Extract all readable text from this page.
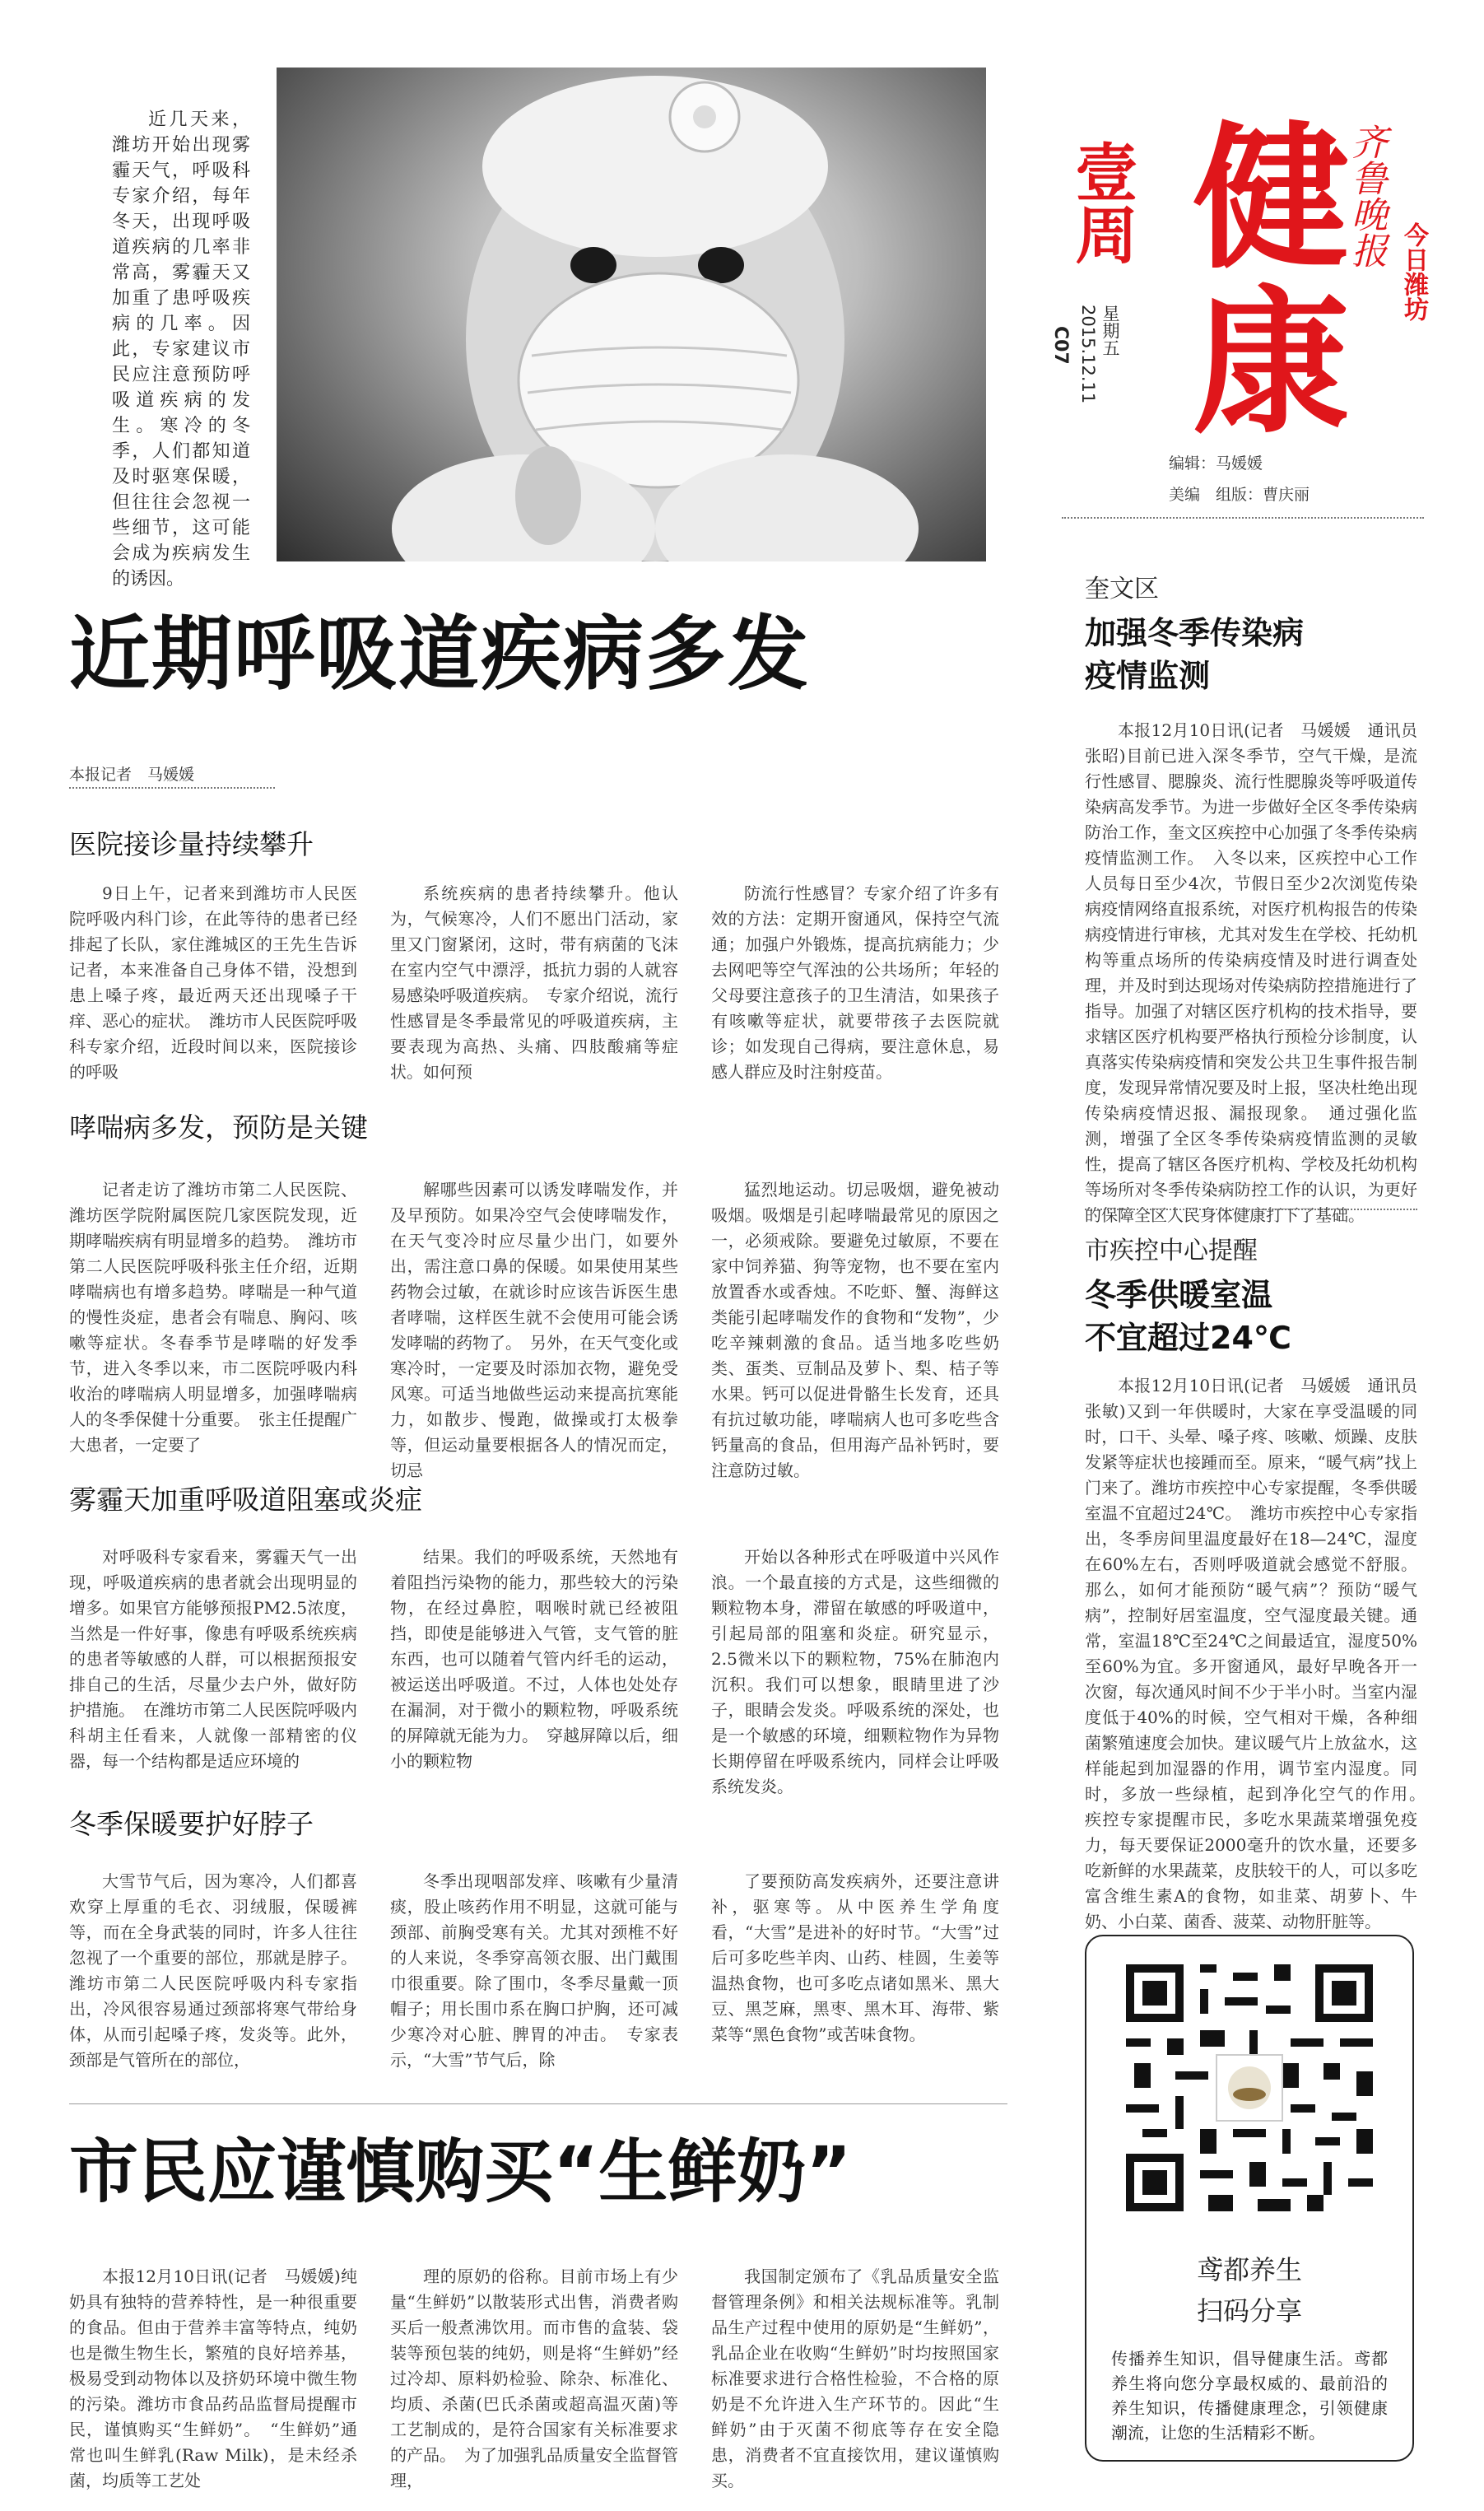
近几天来，潍坊开始出现雾霾天气，呼吸科专家介绍，每年冬天，出现呼吸道疾病的几率非常高，雾霾天又加重了患呼吸疾病的几率。因此，专家建议市民应注意预防呼吸道疾病的发生。寒冷的冬季，人们都知道及时驱寒保暖，但往往会忽视一些细节，这可能会成为疾病发生的诱因。
壹周 健康
齐鲁晚报
今日潍坊
星期五
2015.12.11
C07
编辑：马媛媛
美编　组版：曹庆丽
近期呼吸道疾病多发
本报记者　马媛媛
医院接诊量持续攀升

9日上午，记者来到潍坊市人民医院呼吸内科门诊，在此等待的患者已经排起了长队，家住潍城区的王先生告诉记者，本来准备自己身体不错，没想到患上嗓子疼，最近两天还出现嗓子干痒、恶心的症状。　潍坊市人民医院呼吸科专家介绍，近段时间以来，医院接诊的呼吸

系统疾病的患者持续攀升。他认为，气候寒冷，人们不愿出门活动，家里又门窗紧闭，这时，带有病菌的飞沫在室内空气中漂浮，抵抗力弱的人就容易感染呼吸道疾病。　专家介绍说，流行性感冒是冬季最常见的呼吸道疾病，主要表现为高热、头痛、四肢酸痛等症状。如何预

防流行性感冒？专家介绍了许多有效的方法：定期开窗通风，保持空气流通；加强户外锻炼，提高抗病能力；少去网吧等空气浑浊的公共场所；年轻的父母要注意孩子的卫生清洁，如果孩子有咳嗽等症状，就要带孩子去医院就诊；如发现自己得病，要注意休息，易感人群应及时注射疫苗。

哮喘病多发，预防是关键

记者走访了潍坊市第二人民医院、潍坊医学院附属医院几家医院发现，近期哮喘疾病有明显增多的趋势。　潍坊市第二人民医院呼吸科张主任介绍，近期哮喘病也有增多趋势。哮喘是一种气道的慢性炎症，患者会有喘息、胸闷、咳嗽等症状。冬春季节是哮喘的好发季节，进入冬季以来，市二医院呼吸内科收治的哮喘病人明显增多，加强哮喘病人的冬季保健十分重要。　张主任提醒广大患者，一定要了

解哪些因素可以诱发哮喘发作，并及早预防。如果冷空气会使哮喘发作，在天气变冷时应尽量少出门，如要外出，需注意口鼻的保暖。如果使用某些药物会过敏，在就诊时应该告诉医生患者哮喘，这样医生就不会使用可能会诱发哮喘的药物了。　另外，在天气变化或寒冷时，一定要及时添加衣物，避免受风寒。可适当地做些运动来提高抗寒能力，如散步、慢跑，做操或打太极拳等，但运动量要根据各人的情况而定，切忌

猛烈地运动。切忌吸烟，避免被动吸烟。吸烟是引起哮喘最常见的原因之一，必须戒除。要避免过敏原，不要在家中饲养猫、狗等宠物，也不要在室内放置香水或香烛。不吃虾、蟹、海鲜这类能引起哮喘发作的食物和“发物”，少吃辛辣刺激的食品。适当地多吃些奶类、蛋类、豆制品及萝卜、梨、桔子等水果。钙可以促进骨骼生长发育，还具有抗过敏功能，哮喘病人也可多吃些含钙量高的食品，但用海产品补钙时，要注意防过敏。

雾霾天加重呼吸道阻塞或炎症

对呼吸科专家看来，雾霾天气一出现，呼吸道疾病的患者就会出现明显的增多。如果官方能够预报PM2.5浓度，当然是一件好事，像患有呼吸系统疾病的患者等敏感的人群，可以根据预报安排自己的生活，尽量少去户外，做好防护措施。　在潍坊市第二人民医院呼吸内科胡主任看来，人就像一部精密的仪器，每一个结构都是适应环境的

结果。我们的呼吸系统，天然地有着阻挡污染物的能力，那些较大的污染物，在经过鼻腔，咽喉时就已经被阻挡，即使是能够进入气管，支气管的脏东西，也可以随着气管内纤毛的运动，被运送出呼吸道。不过，人体也处处存在漏洞，对于微小的颗粒物，呼吸系统的屏障就无能为力。　穿越屏障以后，细小的颗粒物

开始以各种形式在呼吸道中兴风作浪。一个最直接的方式是，这些细微的颗粒物本身，滞留在敏感的呼吸道中，引起局部的阻塞和炎症。研究显示，2.5微米以下的颗粒物，75%在肺泡内沉积。我们可以想象，眼睛里进了沙子，眼睛会发炎。呼吸系统的深处，也是一个敏感的环境，细颗粒物作为异物长期停留在呼吸系统内，同样会让呼吸系统发炎。

冬季保暖要护好脖子

大雪节气后，因为寒冷，人们都喜欢穿上厚重的毛衣、羽绒服，保暖裤等，而在全身武装的同时，许多人往往忽视了一个重要的部位，那就是脖子。潍坊市第二人民医院呼吸内科专家指出，冷风很容易通过颈部将寒气带给身体，从而引起嗓子疼，发炎等。此外，颈部是气管所在的部位，

冬季出现咽部发痒、咳嗽有少量清痰，股止咳药作用不明显，这就可能与颈部、前胸受寒有关。尤其对颈椎不好的人来说，冬季穿高领衣服、出门戴围巾很重要。除了围巾，冬季尽量戴一顶帽子；用长围巾系在胸口护胸，还可减少寒冷对心脏、脾胃的冲击。　专家表示，“大雪”节气后，除

了要预防高发疾病外，还要注意讲补，驱寒等。从中医养生学角度看，“大雪”是进补的好时节。“大雪”过后可多吃些羊肉、山药、桂圆，生姜等温热食物，也可多吃点诸如黑米、黑大豆、黑芝麻，黑枣、黑木耳、海带、紫菜等“黑色食物”或苦味食物。

市民应谨慎购买“生鲜奶”

本报12月10日讯(记者　马媛媛)纯奶具有独特的营养特性，是一种很重要的食品。但由于营养丰富等特点，纯奶也是微生物生长，繁殖的良好培养基，极易受到动物体以及挤奶环境中微生物的污染。潍坊市食品药品监督局提醒市民，谨慎购买“生鲜奶”。　“生鲜奶”通常也叫生鲜乳(Raw Milk)，是未经杀菌，均质等工艺处

理的原奶的俗称。目前市场上有少量“生鲜奶”以散装形式出售，消费者购买后一般煮沸饮用。而市售的盒装、袋装等预包装的纯奶，则是将“生鲜奶”经过冷却、原料奶检验、除杂、标准化、均质、杀菌(巴氏杀菌或超高温灭菌)等工艺制成的，是符合国家有关标准要求的产品。　为了加强乳品质量安全监督管理，

我国制定颁布了《乳品质量安全监督管理条例》和相关法规标准等。乳制品生产过程中使用的原奶是“生鲜奶”，乳品企业在收购“生鲜奶”时均按照国家标准要求进行合格性检验，不合格的原奶是不允许进入生产环节的。因此“生鲜奶”由于灭菌不彻底等存在安全隐患，消费者不宜直接饮用，建议谨慎购买。

奎文区
加强冬季传染病
疫情监测

本报12月10日讯(记者　马媛媛　通讯员　张昭)目前已进入深冬季节，空气干燥，是流行性感冒、腮腺炎、流行性腮腺炎等呼吸道传染病高发季节。为进一步做好全区冬季传染病防治工作，奎文区疾控中心加强了冬季传染病疫情监测工作。　入冬以来，区疾控中心工作人员每日至少4次，节假日至少2次浏览传染病疫情网络直报系统，对医疗机构报告的传染病疫情进行审核，尤其对发生在学校、托幼机构等重点场所的传染病疫情及时进行调查处理，并及时到达现场对传染病防控措施进行了指导。加强了对辖区医疗机构的技术指导，要求辖区医疗机构要严格执行预检分诊制度，认真落实传染病疫情和突发公共卫生事件报告制度，发现异常情况要及时上报，坚决杜绝出现传染病疫情迟报、漏报现象。　通过强化监测，增强了全区冬季传染病疫情监测的灵敏性，提高了辖区各医疗机构、学校及托幼机构等场所对冬季传染病防控工作的认识，为更好的保障全区人民身体健康打下了基础。

市疾控中心提醒
冬季供暖室温
不宜超过24℃

本报12月10日讯(记者　马媛媛　通讯员　张敏)又到一年供暖时，大家在享受温暖的同时，口干、头晕、嗓子疼、咳嗽、烦躁、皮肤发紧等症状也接踵而至。原来，“暖气病”找上门来了。潍坊市疾控中心专家提醒，冬季供暖室温不宜超过24℃。　潍坊市疾控中心专家指出，冬季房间里温度最好在18—24℃，湿度在60%左右，否则呼吸道就会感觉不舒服。那么，如何才能预防“暖气病”？预防“暖气病”，控制好居室温度，空气湿度最关键。通常，室温18℃至24℃之间最适宜，湿度50%至60%为宜。多开窗通风，最好早晚各开一次窗，每次通风时间不少于半小时。当室内湿度低于40%的时候，空气相对干燥，各种细菌繁殖速度会加快。建议暖气片上放盆水，这样能起到加湿器的作用，调节室内湿度。同时，多放一些绿植，起到净化空气的作用。　疾控专家提醒市民，多吃水果蔬菜增强免疫力，每天要保证2000毫升的饮水量，还要多吃新鲜的水果蔬菜，皮肤较干的人，可以多吃富含维生素A的食物，如韭菜、胡萝卜、牛奶、小白菜、菌香、菠菜、动物肝脏等。

鸢都养生
扫码分享
传播养生知识，倡导健康生活。鸢都养生将向您分享最权威的、最前沿的养生知识，传播健康理念，引领健康潮流，让您的生活精彩不断。
